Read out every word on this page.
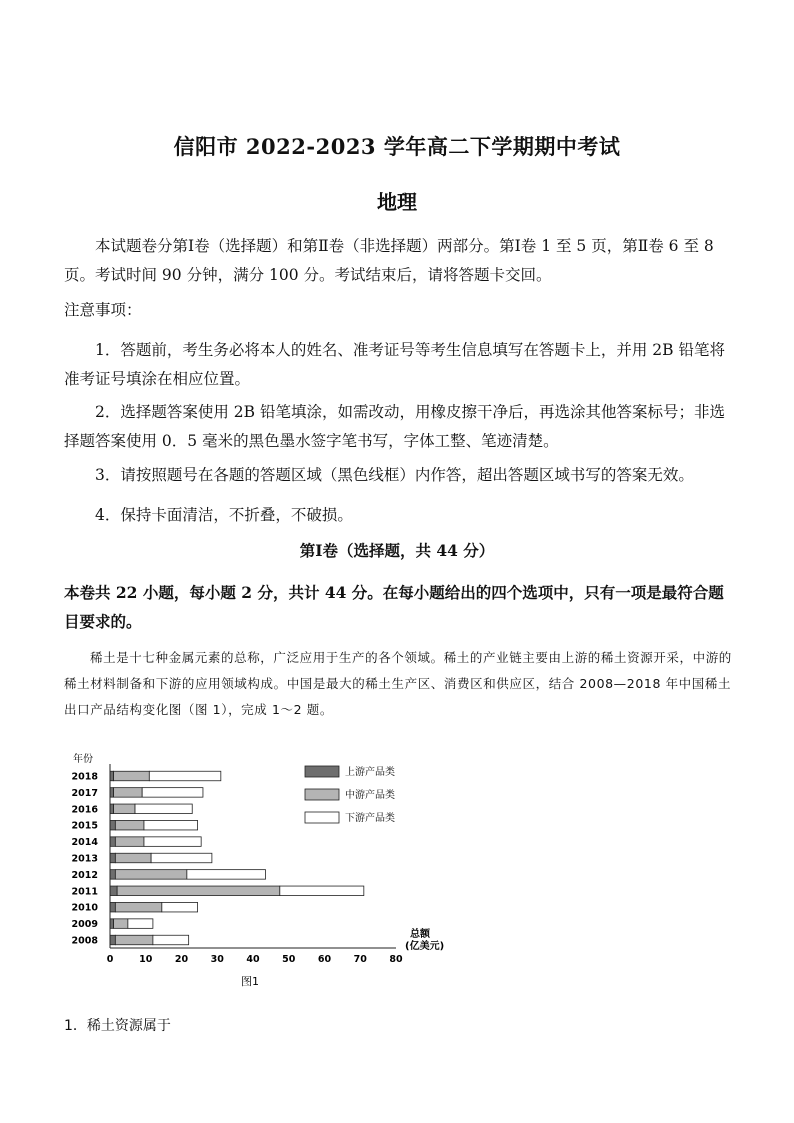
信阳市 2022-2023 学年高二下学期期中考试
地理
本试题卷分第Ⅰ卷（选择题）和第Ⅱ卷（非选择题）两部分。第Ⅰ卷 1 至 5 页，第Ⅱ卷 6 至 8 页。考试时间 90 分钟，满分 100 分。考试结束后，请将答题卡交回。
注意事项：
1．答题前，考生务必将本人的姓名、准考证号等考生信息填写在答题卡上，并用 2B 铅笔将准考证号填涂在相应位置。
2．选择题答案使用 2B 铅笔填涂，如需改动，用橡皮擦干净后，再选涂其他答案标号；非选择题答案使用 0．5 毫米的黑色墨水签字笔书写，字体工整、笔迹清楚。
3．请按照题号在各题的答题区域（黑色线框）内作答，超出答题区域书写的答案无效。
4．保持卡面清洁，不折叠，不破损。
第Ⅰ卷（选择题，共 44 分）
本卷共 22 小题，每小题 2 分，共计 44 分。在每小题给出的四个选项中，只有一项是最符合题目要求的。
稀土是十七种金属元素的总称，广泛应用于生产的各个领域。稀土的产业链主要由上游的稀土资源开采，中游的稀土材料制备和下游的应用领域构成。中国是最大的稀土生产区、消费区和供应区，结合 2008—2018 年中国稀土出口产品结构变化图（图 1），完成 1～2 题。
2008
2009
2010
2011
2012
2013
2014
2015
2016
2017
2018
0	10 20 30 40 50 60 70 80
上游产品类
中游产品类
下游产品类
年份
总额
(亿美元)
图1
1．稀土资源属于
